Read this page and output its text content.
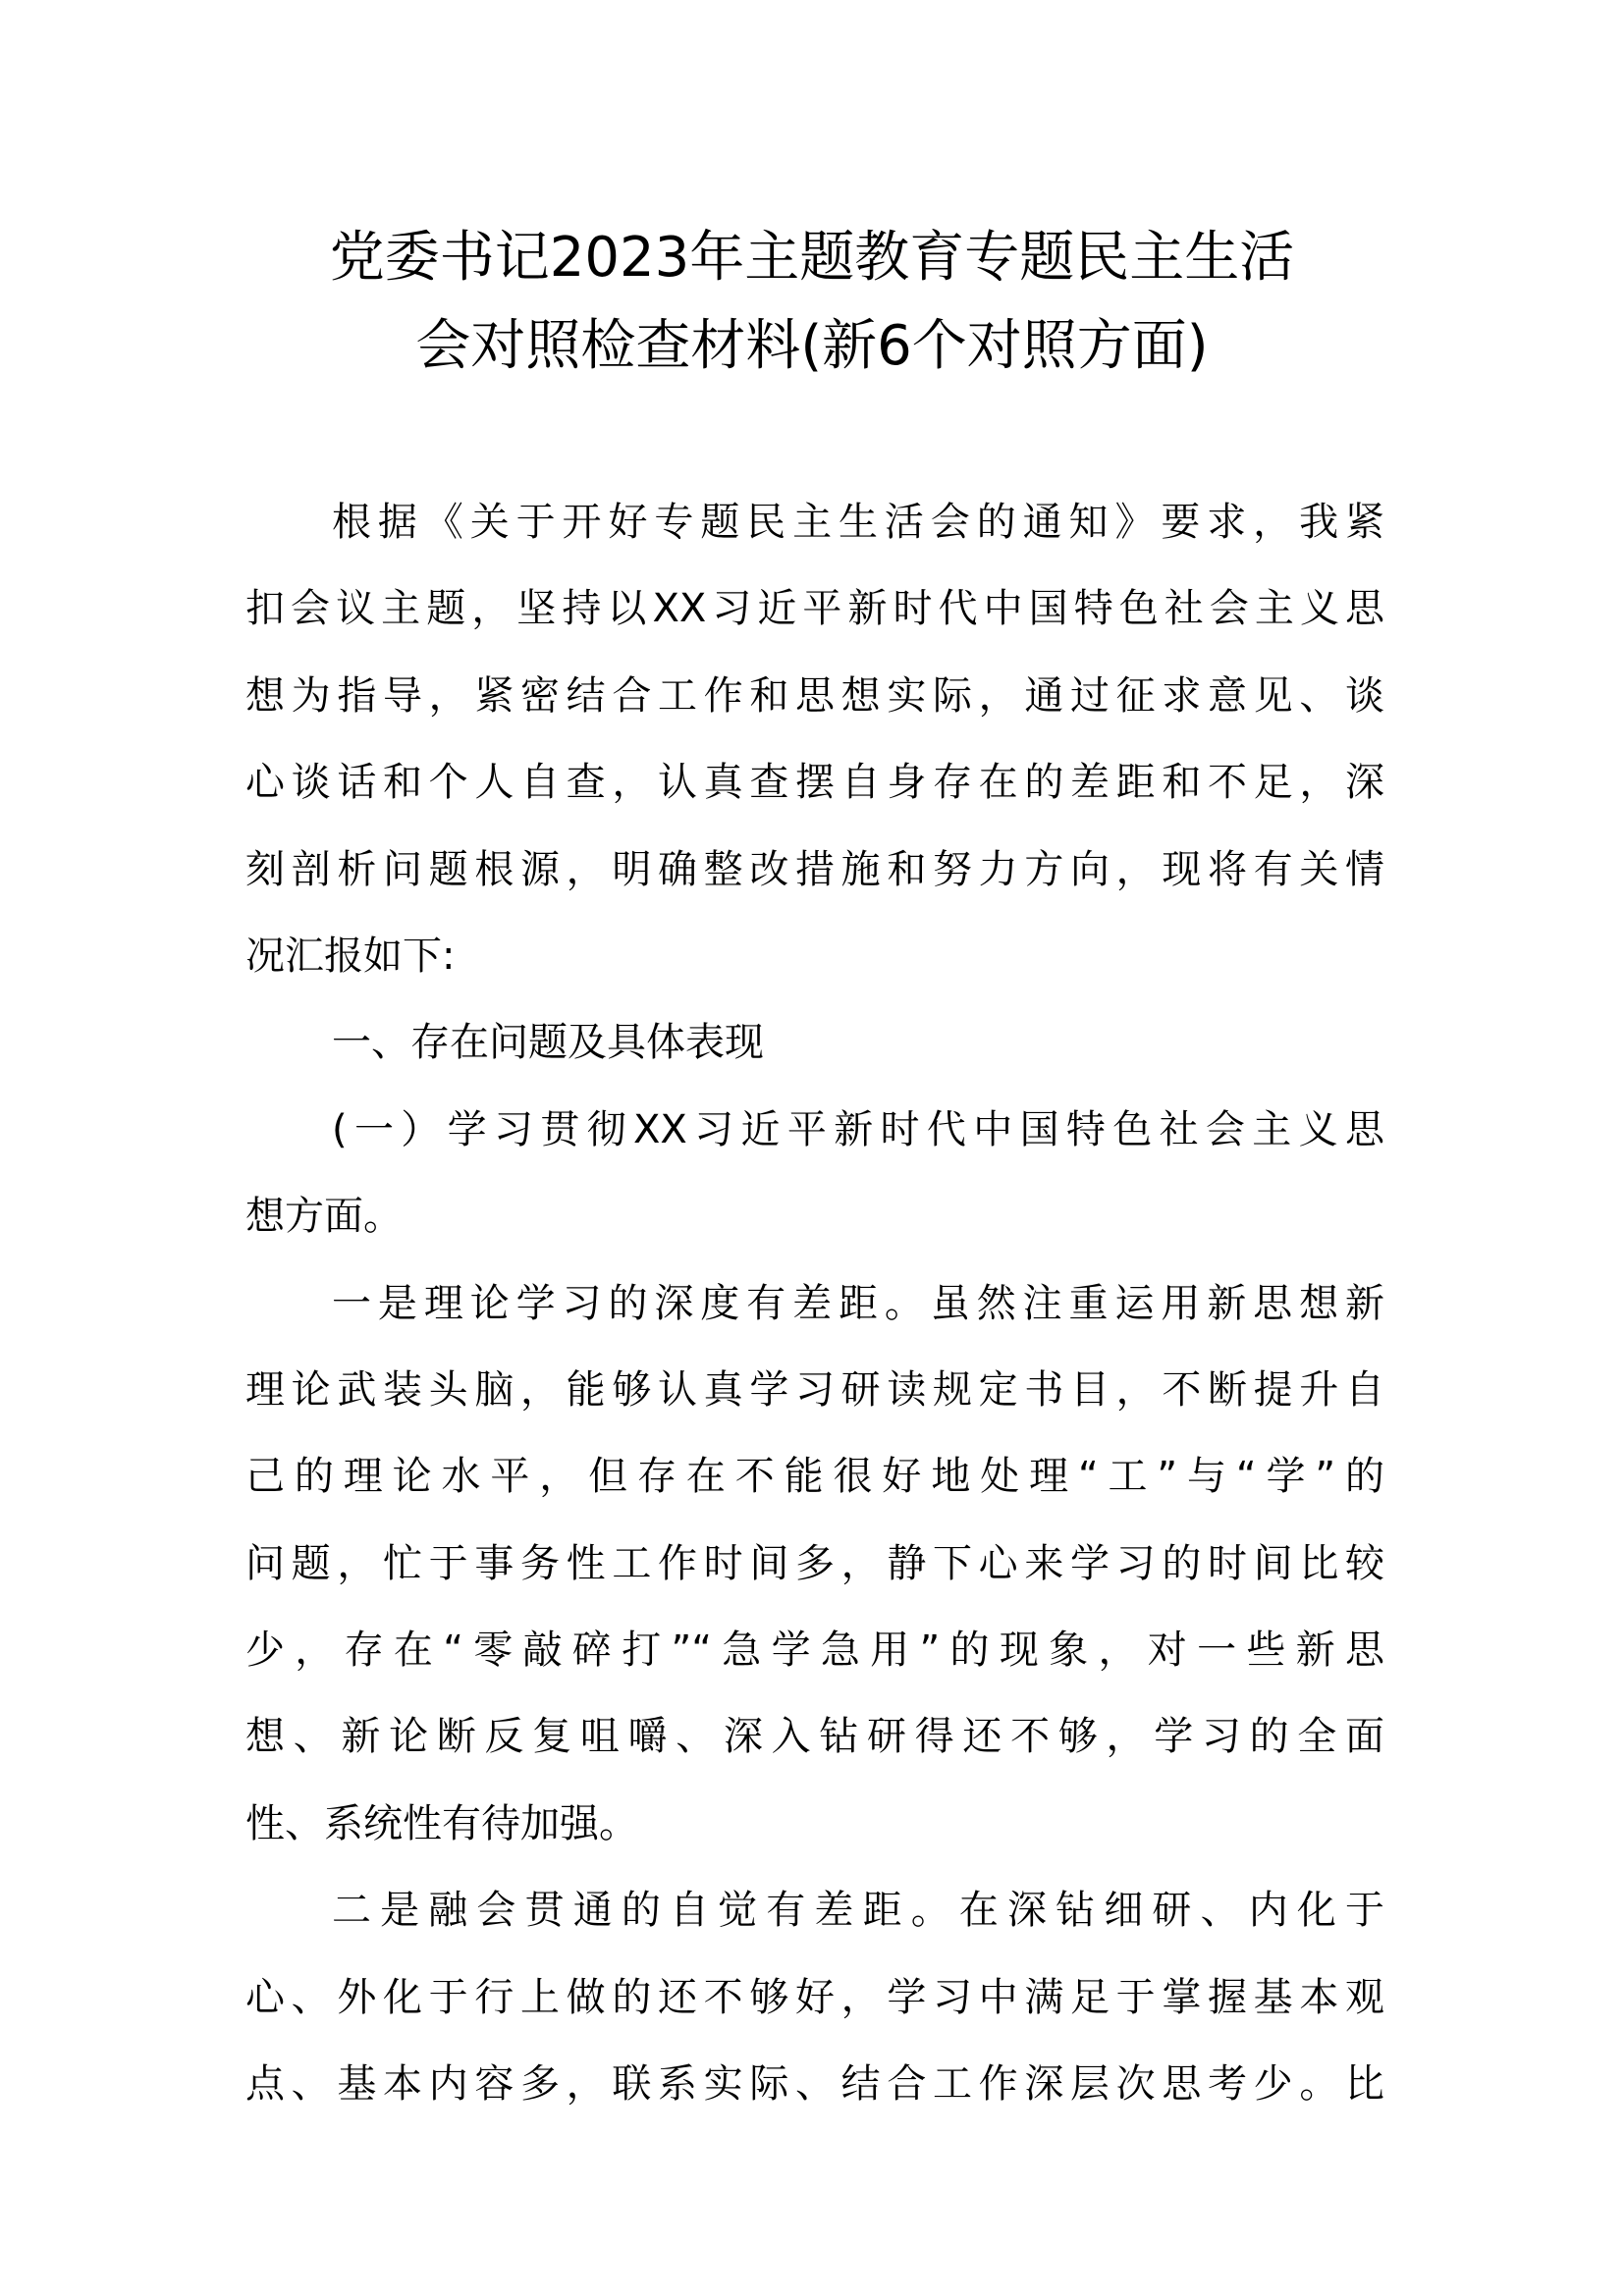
党委书记2023年主题教育专题民主生活
会对照检查材料(新6个对照方面)
根据《关于开好专题民主生活会的通知》要求，我紧
扣会议主题，坚持以XX习近平新时代中国特色社会主义思
想为指导，紧密结合工作和思想实际，通过征求意见、谈
心谈话和个人自查，认真查摆自身存在的差距和不足，深
刻剖析问题根源，明确整改措施和努力方向，现将有关情
况汇报如下:
一、存在问题及具体表现
(一）学习贯彻XX习近平新时代中国特色社会主义思
想方面。
一是理论学习的深度有差距。虽然注重运用新思想新
理论武装头脑，能够认真学习研读规定书目，不断提升自
己的理论水平，但存在不能很好地处理“工”与“学”的
问题，忙于事务性工作时间多，静下心来学习的时间比较
少，存在“零敲碎打”“急学急用”的现象，对一些新思
想、新论断反复咀嚼、深入钻研得还不够，学习的全面
性、系统性有待加强。
二是融会贯通的自觉有差距。在深钻细研、内化于
心、外化于行上做的还不够好，学习中满足于掌握基本观
点、基本内容多，联系实际、结合工作深层次思考少。比
